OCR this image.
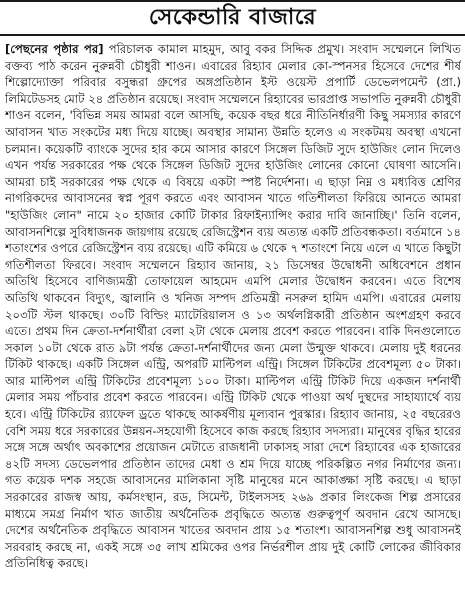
সেকেন্ডারি বাজারে
[পেছনের পৃষ্ঠার পর] পরিচালক কামাল মাহমুদ, আবু বকর সিদ্দিক প্রমুখ। সংবাদ সম্মেলনে লিখিত বক্তব্য পাঠ করেন নুরুন্নবী চৌধুরী শাওন। এবারের রিহ্যাব মেলার কো-স্পনসর হিসেবে দেশের শীর্ষ শিল্পোদ্যোক্তা পরিবার বসুন্ধরা গ্রুপের অঙ্গপ্রতিষ্ঠান ইস্ট ওয়েস্ট প্রপার্টি ডেভেলপমেন্ট (প্রা.) লিমিটেডসহ মোট ২৪ প্রতিষ্ঠান রয়েছে। সংবাদ সম্মেলনে রিহ্যাবের ভারপ্রাপ্ত সভাপতি নুরুন্নবী চৌধুরী শাওন বলেন, 'বিভিন্ন সময় আমরা বলে আসছি, কয়েক বছর ধরে নীতিনির্ধারণী কিছু সমস্যার কারণে আবাসন খাত সংকটের মধ্য দিয়ে যাচ্ছে। অবস্থার সামান্য উন্নতি হলেও এ সংকটময় অবস্থা এখনো চলমান। কয়েকটি ব্যাংকে সুদের হার কমে আসার কারণে সিঙ্গেল ডিজিট সুদে হাউজিং লোন দিলেও এখন পর্যন্ত সরকারের পক্ষ থেকে সিঙ্গেল ডিজিট সুদের হাউজিং লোনের কোনো ঘোষণা আসেনি। আমরা চাই সরকারের পক্ষ থেকে এ বিষয়ে একটা স্পষ্ট নির্দেশনা। এ ছাড়া নিম্ন ও মধ্যবিত্ত শ্রেণির নাগরিকদের আবাসনের স্বপ্ন পূরণ করতে এবং আবাসন খাতে গতিশীলতা ফিরিয়ে আনতে আমরা "হাউজিং লোন" নামে ২০ হাজার কোটি টাকার রিফাইন্যান্সিং করার দাবি জানাচ্ছি।' তিনি বলেন, আবাসনশিল্পে সুবিধাজনক জায়গায় রয়েছে রেজিস্ট্রেশন ব্যয় অত্যন্ত একটি প্রতিবন্ধকতা। বর্তমানে ১৪ শতাংশের ওপরে রেজিস্ট্রেশন ব্যয় রয়েছে। এটি কমিয়ে ৬ থেকে ৭ শতাংশে নিয়ে এলে এ খাতে কিছুটা গতিশীলতা ফিরবে। সংবাদ সম্মেলনে রিহ্যাব জানায়, ২১ ডিসেম্বর উদ্বোধনী অধিবেশনে প্রধান অতিথি হিসেবে বাণিজ্যমন্ত্রী তোফায়েল আহমেদ এমপি মেলার উদ্বোধন করবেন। এতে বিশেষ অতিথি থাকবেন বিদ্যুৎ, জ্বালানি ও খনিজ সম্পদ প্রতিমন্ত্রী নসরুল হামিদ এমপি। এবারের মেলায় ২০৩টি স্টল থাকছে। ৩০টি বিল্ডিং ম্যাটেরিয়ালস ও ১৩ অর্থলগ্নিকারী প্রতিষ্ঠান অংশগ্রহণ করবে এতে। প্রথম দিন ক্রেতা-দর্শনার্থীরা বেলা ২টা থেকে মেলায় প্রবেশ করতে পারবেন। বাকি দিনগুলোতে সকাল ১০টা থেকে রাত ৯টা পর্যন্ত ক্রেতা-দর্শনার্থীদের জন্য মেলা উন্মুক্ত থাকবে। মেলায় দুই ধরনের টিকিট থাকছে। একটি সিঙ্গেল এন্ট্রি, অপরটি মাল্টিপল এন্ট্রি। সিঙ্গেল টিকিটের প্রবেশমূল্য ৫০ টাকা। আর মাল্টিপল এন্ট্রি টিকিটের প্রবেশমূল্য ১০০ টাকা। মাল্টিপল এন্ট্রি টিকিট দিয়ে একজন দর্শনার্থী মেলার সময় পাঁচবার প্রবেশ করতে পারবেন। এন্ট্রি টিকিট থেকে পাওয়া অর্থ দুস্থদের সাহায্যার্থে ব্যয় হবে। এন্ট্রি টিকিটের র‌্যাফেল ড্রতে থাকছে আকর্ষণীয় মূল্যবান পুরস্কার। রিহ্যাব জানায়, ২৫ বছরেরও বেশি সময় ধরে সরকারের উন্নয়ন-সহযোগী হিসেবে কাজ করছে রিহ্যাব সদস্যরা। মানুষের বৃদ্ধির হারের সঙ্গে সঙ্গে অর্থাৎ অবকাশের প্রয়োজন মেটাতে রাজধানী ঢাকাসহ সারা দেশে রিহ্যাবের এক হাজারের ৪২টি সদস্য ডেভেলপার প্রতিষ্ঠান তাদের মেধা ও শ্রম দিয়ে যাচ্ছে পরিকল্পিত নগর নির্মাণের জন্য। গত কয়েক দশক সহজে আবাসনের মালিকানা সৃষ্টি মানুষের মনে আকাঙ্ক্ষা সৃষ্টি করছে। এ ছাড়া সরকারের রাজস্ব আয়, কর্মসংস্থান, রড, সিমেন্ট, টাইলসসহ ২৬৯ প্রকার লিংকেজ শিল্প প্রসারের মাধ্যমে সমগ্র নির্মাণ খাত জাতীয় অর্থনৈতিক প্রবৃদ্ধিতে অত্যন্ত গুরুত্বপূর্ণ অবদান রেখে আসছে। দেশের অর্থনৈতিক প্রবৃদ্ধিতে আবাসন খাতের অবদান প্রায় ১৫ শতাংশ। আবাসনশিল্প শুধু আবাসনই সরবরাহ করছে না, একই সঙ্গে ৩৫ লাখ শ্রমিকের ওপর নির্ভরশীল প্রায় দুই কোটি লোকের জীবিকার প্রতিনিধিত্ব করছে।
